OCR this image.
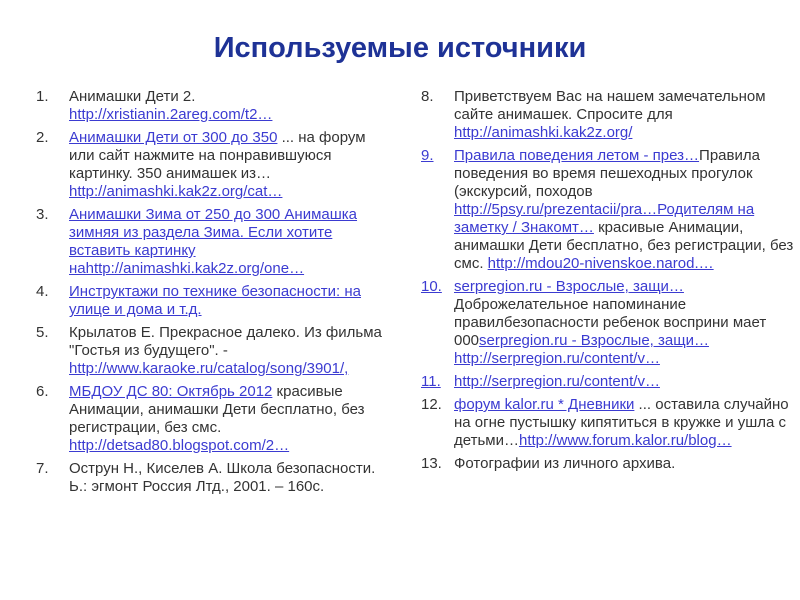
Используемые источники
1.	Анимашки Дети 2. http://xristianin.2areg.com/t2…
2.	Анимашки Дети от 300 до 350 ... на форум или сайт нажмите на понравившуюся картинку. 350 анимашек из… http://animashki.kak2z.org/cat…
3.	Анимашки Зима от 250 до 300 Анимашка зимняя из раздела Зима. Если хотите вставить картинку наhttp://animashki.kak2z.org/one…
4.	Инструктажи по технике безопасности: на улице и дома и т.д.
5.	Крылатов Е. Прекрасное далеко. Из фильма "Гостья из будущего". - http://www.karaoke.ru/catalog/song/3901/,
6.	МБДОУ ДС 80: Октябрь 2012 красивые Анимации, анимашки Дети бесплатно, без регистрации, без смс. http://detsad80.blogspot.com/2…
7.	Острун Н., Киселев А. Школа безопасности. Ь.: эгмонт Россия Лтд., 2001. – 160с.
8.	Приветствуем Вас на нашем замечательном сайте анимашек. Спросите для http://animashki.kak2z.org/
9.	Правила поведения летом - през…Правила поведения во время пешеходных прогулок (экскурсий, походов http://5psy.ru/prezentacii/pra…Родителям на заметку / Знакомт… красивые Анимации, анимашки Дети бесплатно, без регистрации, без смс. http://mdou20-nivenskoe.narod.…
10. serpregion.ru - Взрослые, защи…Доброжелательное напоминание правилбезопасности ребенок восприни мает 000serpregion.ru - Взрослые, защи… http://serpregion.ru/content/v…
11. http://serpregion.ru/content/v…
12. форум kalor.ru * Дневники ... оставила случайно на огне пустышку кипятиться в кружке и ушла с детьми…http://www.forum.kalor.ru/blog…
13. Фотографии из личного архива.
